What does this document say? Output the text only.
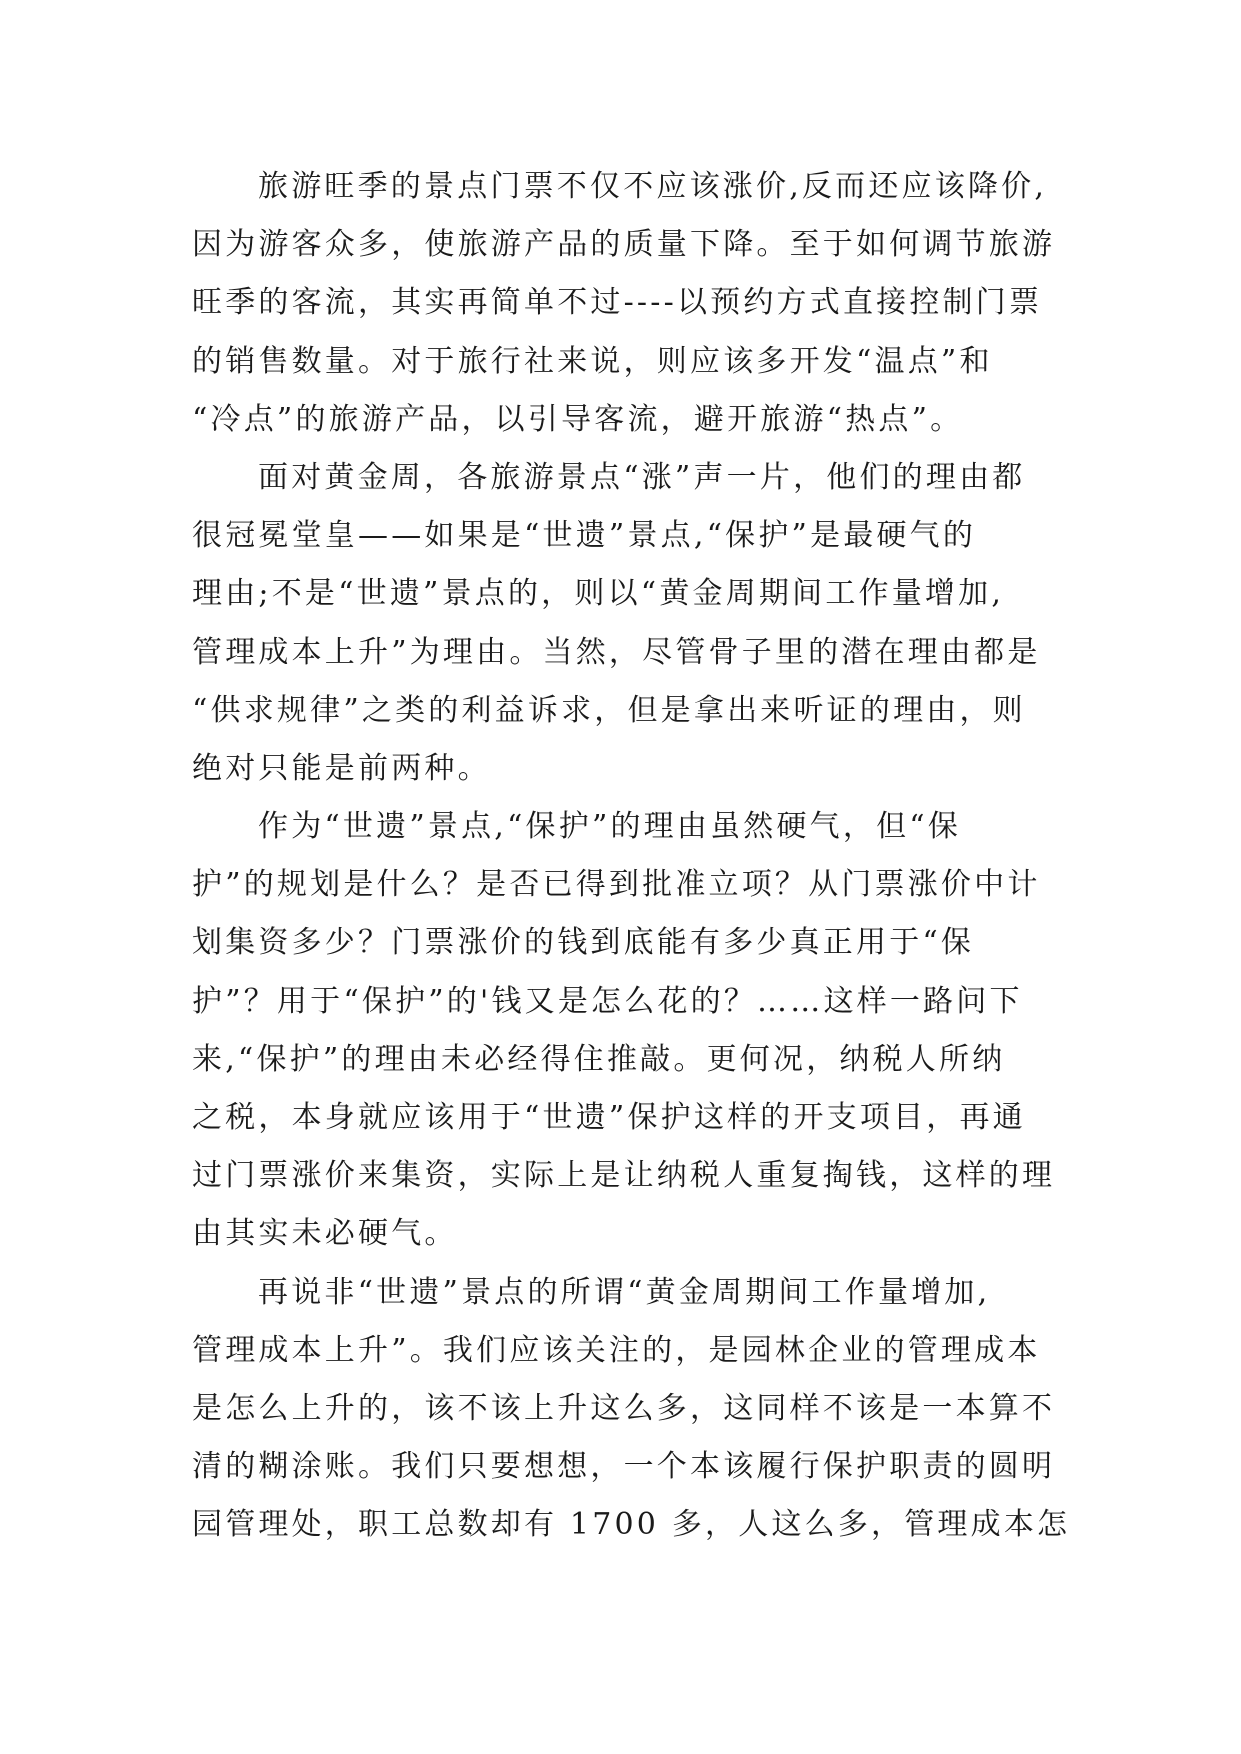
旅游旺季的景点门票不仅不应该涨价,反而还应该降价,
因为游客众多，使旅游产品的质量下降。至于如何调节旅游
旺季的客流，其实再简单不过----以预约方式直接控制门票
的销售数量。对于旅行社来说，则应该多开发“温点”和
“冷点”的旅游产品，以引导客流，避开旅游“热点”。
面对黄金周，各旅游景点“涨”声一片，他们的理由都
很冠冕堂皇——如果是“世遗”景点,“保护”是最硬气的
理由;不是“世遗”景点的，则以“黄金周期间工作量增加,
管理成本上升”为理由。当然，尽管骨子里的潜在理由都是
“供求规律”之类的利益诉求，但是拿出来听证的理由，则
绝对只能是前两种。
作为“世遗”景点,“保护”的理由虽然硬气，但“保
护”的规划是什么？是否已得到批准立项？从门票涨价中计
划集资多少？门票涨价的钱到底能有多少真正用于“保
护”？用于“保护”的'钱又是怎么花的？……这样一路问下
来,“保护”的理由未必经得住推敲。更何况，纳税人所纳
之税，本身就应该用于“世遗”保护这样的开支项目，再通
过门票涨价来集资，实际上是让纳税人重复掏钱，这样的理
由其实未必硬气。
再说非“世遗”景点的所谓“黄金周期间工作量增加,
管理成本上升”。我们应该关注的，是园林企业的管理成本
是怎么上升的，该不该上升这么多，这同样不该是一本算不
清的糊涂账。我们只要想想，一个本该履行保护职责的圆明
园管理处，职工总数却有 1700 多，人这么多，管理成本怎
